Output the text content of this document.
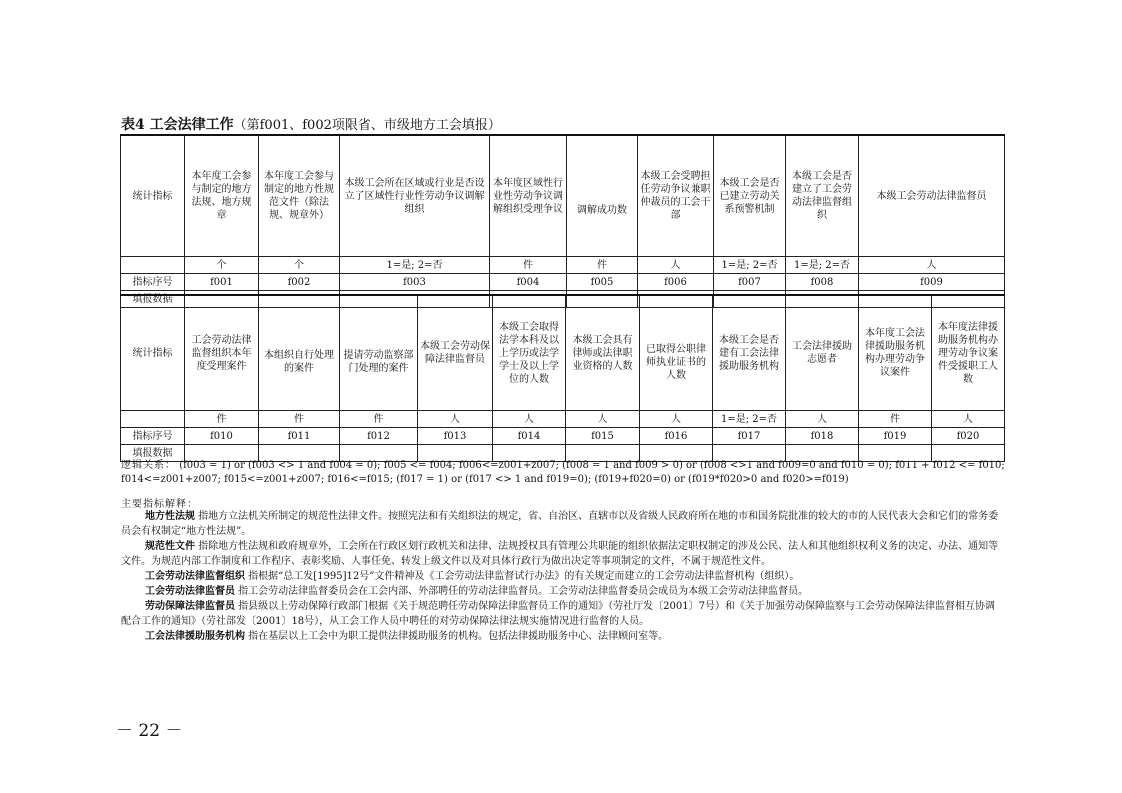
表4 工会法律工作（第f001、f002项限省、市级地方工会填报）
统计指标	本年度工会参与制定的地方法规、地方规章	本年度工会参与制定的地方性规范文件（除法规、规章外）	本级工会所在区域或行业是否设立了区域性行业性劳动争议调解组织	本年度区域性行业性劳动争议调解组织受理争议	调解成功数	本级工会受聘担任劳动争议兼职仲裁员的工会干部	本级工会是否已建立劳动关系预警机制	本级工会是否建立了工会劳动法律监督组织	本级工会劳动法律监督员
	个	个	1=是; 2=否	件	件	人	1=是; 2=否	1=是; 2=否	人
指标序号	f001	f002	f003	f004	f005	f006	f007	f008	f009
填报数据									
统计指标	工会劳动法律监督组织本年度受理案件	本组织自行处理的案件	提请劳动监察部门处理的案件	本级工会劳动保障法律监督员	本级工会取得法学本科及以上学历或法学学士及以上学位的人数	本级工会具有律师或法律职业资格的人数	已取得公职律师执业证书的人数	本级工会是否建有工会法律援助服务机构	工会法律援助志愿者	本年度工会法律援助服务机构办理劳动争议案件	本年度法律援助服务机构办理劳动争议案件受援职工人数
	件	件	件	人	人	人	人	1=是; 2=否	人	件	人
指标序号	f010	f011	f012	f013	f014	f015	f016	f017	f018	f019	f020
填报数据											
逻辑关系： (f003 = 1) or (f003 <> 1 and f004 = 0); f005 <= f004; f006<=z001+z007; (f008 = 1 and f009 > 0) or (f008 <>1 and f009=0 and f010 = 0); f011 + f012 <= f010;
f014<=z001+z007; f015<=z001+z007; f016<=f015; (f017 = 1) or (f017 <> 1 and f019=0); (f019+f020=0) or (f019*f020>0 and f020>=f019)
主要指标解释：

地方性法规 指地方立法机关所制定的规范性法律文件。按照宪法和有关组织法的规定，省、自治区、直辖市以及省级人民政府所在地的市和国务院批准的较大的市的人民代表大会和它们的常务委员会有权制定“地方性法规”。

规范性文件 指除地方性法规和政府规章外，工会所在行政区划行政机关和法律、法规授权具有管理公共职能的组织依据法定职权制定的涉及公民、法人和其他组织权利义务的决定、办法、通知等文件。为规范内部工作制度和工作程序、表彰奖励、人事任免、转发上级文件以及对具体行政行为做出决定等事项制定的文件，不属于规范性文件。

工会劳动法律监督组织 指根据“总工发[1995]12号”文件精神及《工会劳动法律监督试行办法》的有关规定而建立的工会劳动法律监督机构（组织）。

工会劳动法律监督员 指工会劳动法律监督委员会在工会内部、外部聘任的劳动法律监督员。工会劳动法律监督委员会成员为本级工会劳动法律监督员。

劳动保障法律监督员 指县级以上劳动保障行政部门根据《关于规范聘任劳动保障法律监督员工作的通知》（劳社厅发〔2001〕7号）和《关于加强劳动保障监察与工会劳动保障法律监督相互协调配合工作的通知》（劳社部发〔2001〕18号），从工会工作人员中聘任的对劳动保障法律法规实施情况进行监督的人员。

工会法律援助服务机构 指在基层以上工会中为职工提供法律援助服务的机构。包括法律援助服务中心、法律顾问室等。

－ 22 －
